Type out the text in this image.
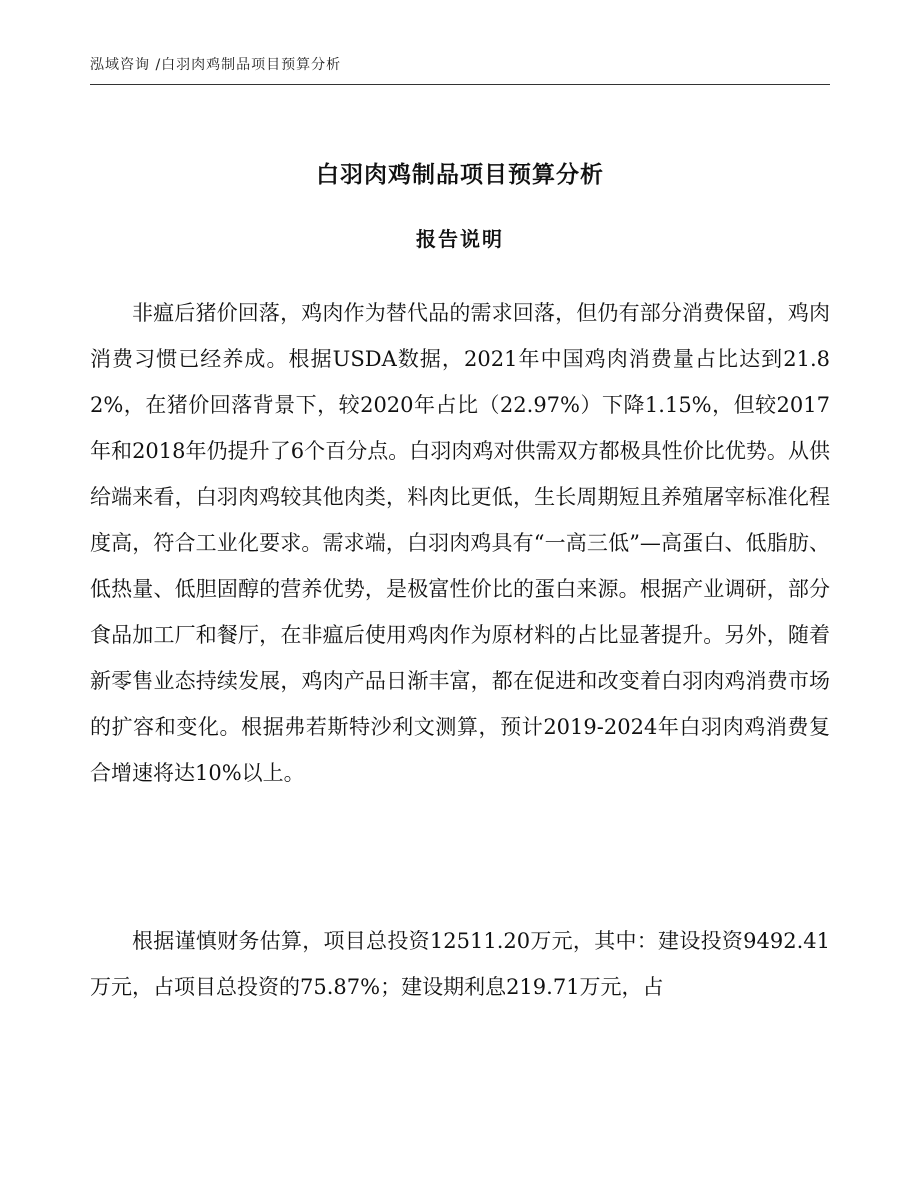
泓域咨询 /白羽肉鸡制品项目预算分析
白羽肉鸡制品项目预算分析
报告说明

非瘟后猪价回落，鸡肉作为替代品的需求回落，但仍有部分消费保留，鸡肉消费习惯已经养成。根据USDA数据，2021年中国鸡肉消费量占比达到21.82%，在猪价回落背景下，较2020年占比（22.97%）下降1.15%，但较2017年和2018年仍提升了6个百分点。白羽肉鸡对供需双方都极具性价比优势。从供给端来看，白羽肉鸡较其他肉类，料肉比更低，生长周期短且养殖屠宰标准化程度高，符合工业化要求。需求端，白羽肉鸡具有“一高三低”—高蛋白、低脂肪、低热量、低胆固醇的营养优势，是极富性价比的蛋白来源。根据产业调研，部分食品加工厂和餐厅，在非瘟后使用鸡肉作为原材料的占比显著提升。另外，随着新零售业态持续发展，鸡肉产品日渐丰富，都在促进和改变着白羽肉鸡消费市场的扩容和变化。根据弗若斯特沙利文测算，预计2019-2024年白羽肉鸡消费复合增速将达10%以上。

根据谨慎财务估算，项目总投资12511.20万元，其中：建设投资9492.41万元，占项目总投资的75.87%；建设期利息219.71万元，占
